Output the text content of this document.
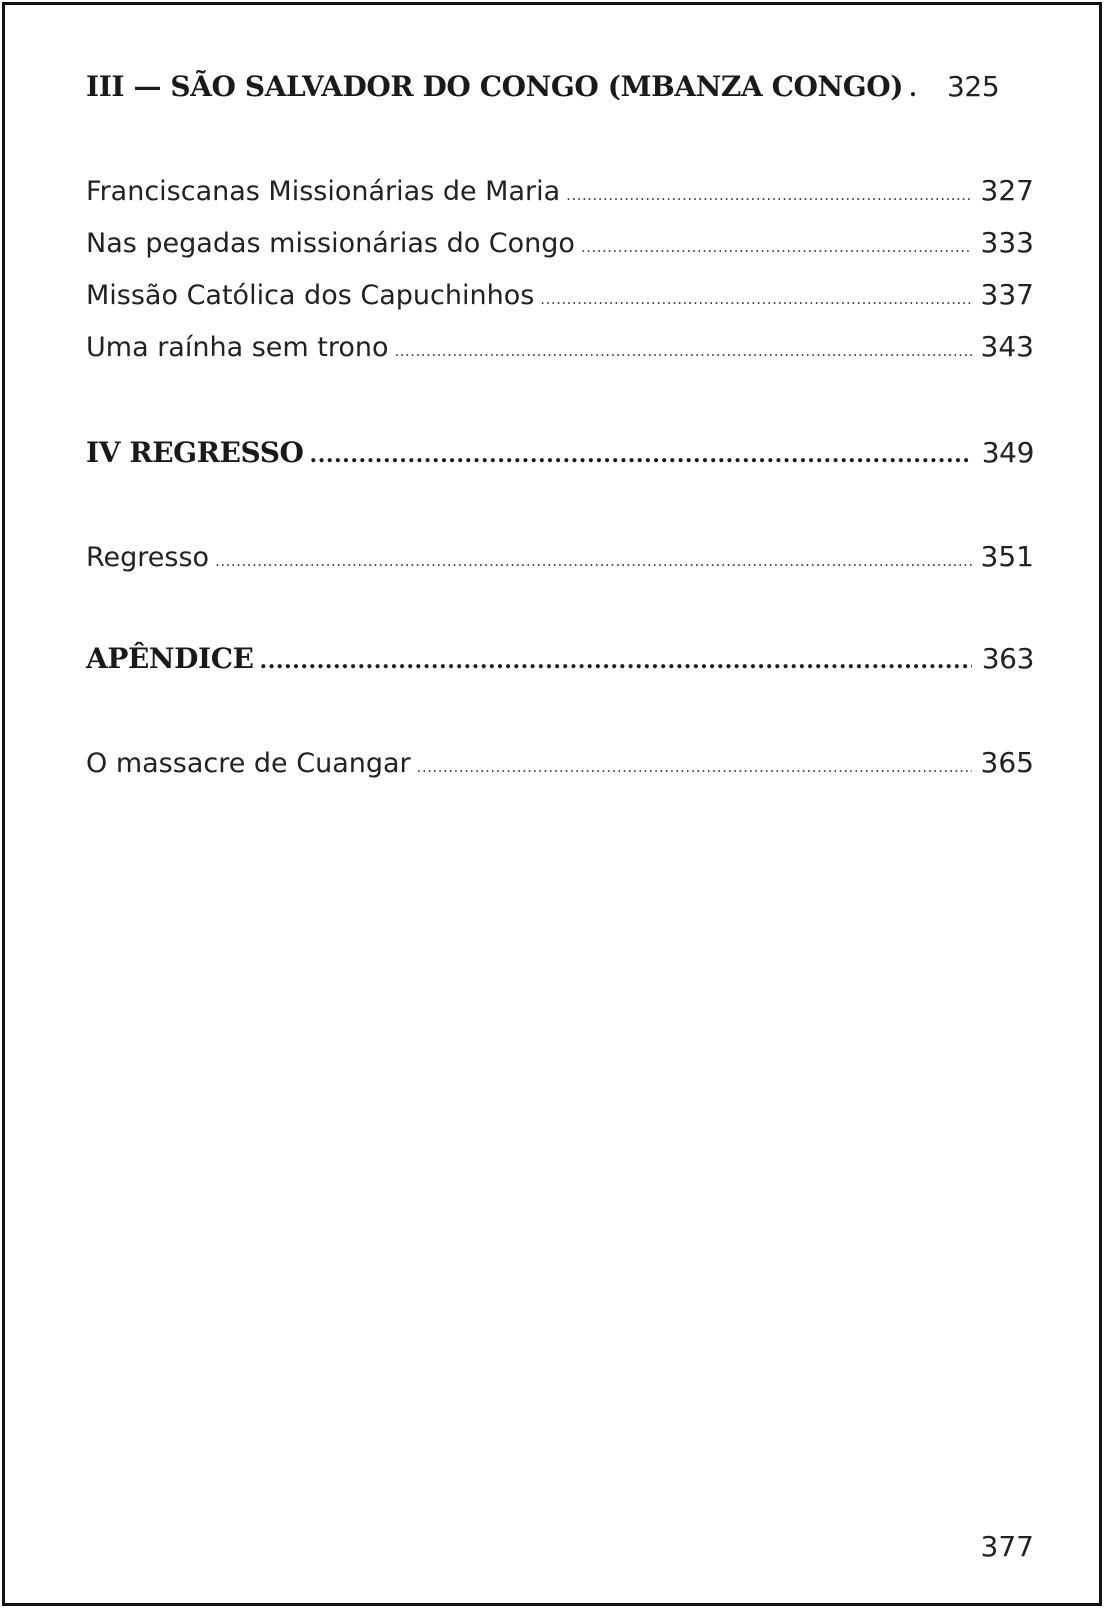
III — SÃO SALVADOR DO CONGO (MBANZA CONGO) . 325
Franciscanas Missionárias de Maria .....	327
Nas pegadas missionárias do Congo .....	333
Missão Católica dos Capuchinhos .....	337
Uma raínha sem trono .....	343
IV REGRESSO .....	349
Regresso .....	351
APÊNDICE .....	363
O massacre de Cuangar .....	365
377
